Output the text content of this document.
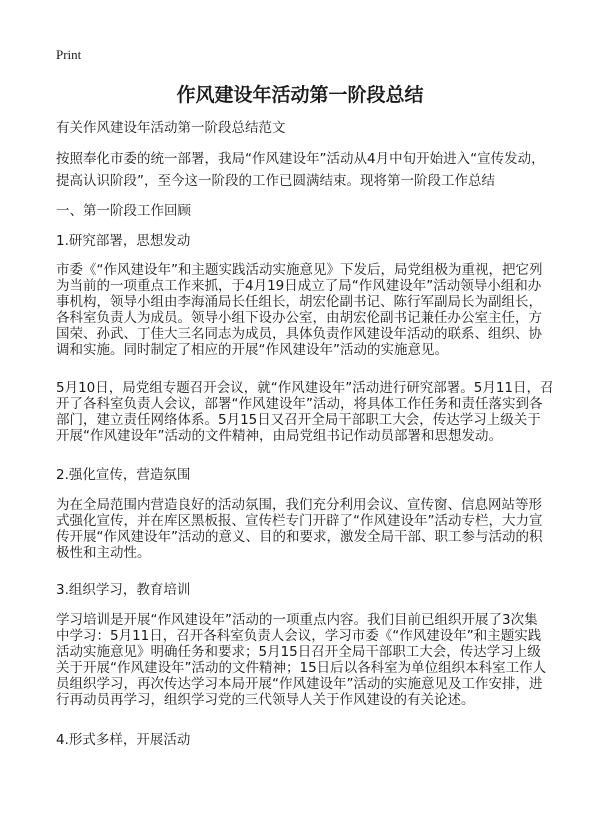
Print
作风建设年活动第一阶段总结
有关作风建设年活动第一阶段总结范文
按照奉化市委的统一部署，我局“作风建设年”活动从4月中旬开始进入“宣传发动，
提高认识阶段”，至今这一阶段的工作已圆满结束。现将第一阶段工作总结
一、第一阶段工作回顾
1.研究部署，思想发动
市委《“作风建设年”和主题实践活动实施意见》下发后，局党组极为重视，把它列
为当前的一项重点工作来抓，于4月19日成立了局“作风建设年”活动领导小组和办
事机构，领导小组由李海涌局长任组长，胡宏伦副书记、陈行军副局长为副组长，
各科室负责人为成员。领导小组下设办公室，由胡宏伦副书记兼任办公室主任，方
国荣、孙武、丁佳大三名同志为成员，具体负责作风建设年活动的联系、组织、协
调和实施。同时制定了相应的开展“作风建设年”活动的实施意见。
5月10日，局党组专题召开会议，就“作风建设年”活动进行研究部署。5月11日，召
开了各科室负责人会议，部署“作风建设年”活动，将具体工作任务和责任落实到各
部门，建立责任网络体系。5月15日又召开全局干部职工大会，传达学习上级关于
开展“作风建设年”活动的文件精神，由局党组书记作动员部署和思想发动。
2.强化宣传，营造氛围
为在全局范围内营造良好的活动氛围，我们充分利用会议、宣传窗、信息网站等形
式强化宣传，并在库区黑板报、宣传栏专门开辟了“作风建设年”活动专栏，大力宣
传开展“作风建设年”活动的意义、目的和要求，激发全局干部、职工参与活动的积
极性和主动性。
3.组织学习，教育培训
学习培训是开展“作风建设年”活动的一项重点内容。我们目前已组织开展了3次集
中学习：5月11日，召开各科室负责人会议，学习市委《“作风建设年”和主题实践
活动实施意见》明确任务和要求；5月15日召开全局干部职工大会，传达学习上级
关于开展“作风建设年”活动的文件精神；15日后以各科室为单位组织本科室工作人
员组织学习，再次传达学习本局开展“作风建设年”活动的实施意见及工作安排，进
行再动员再学习，组织学习党的三代领导人关于作风建设的有关论述。
4.形式多样，开展活动
